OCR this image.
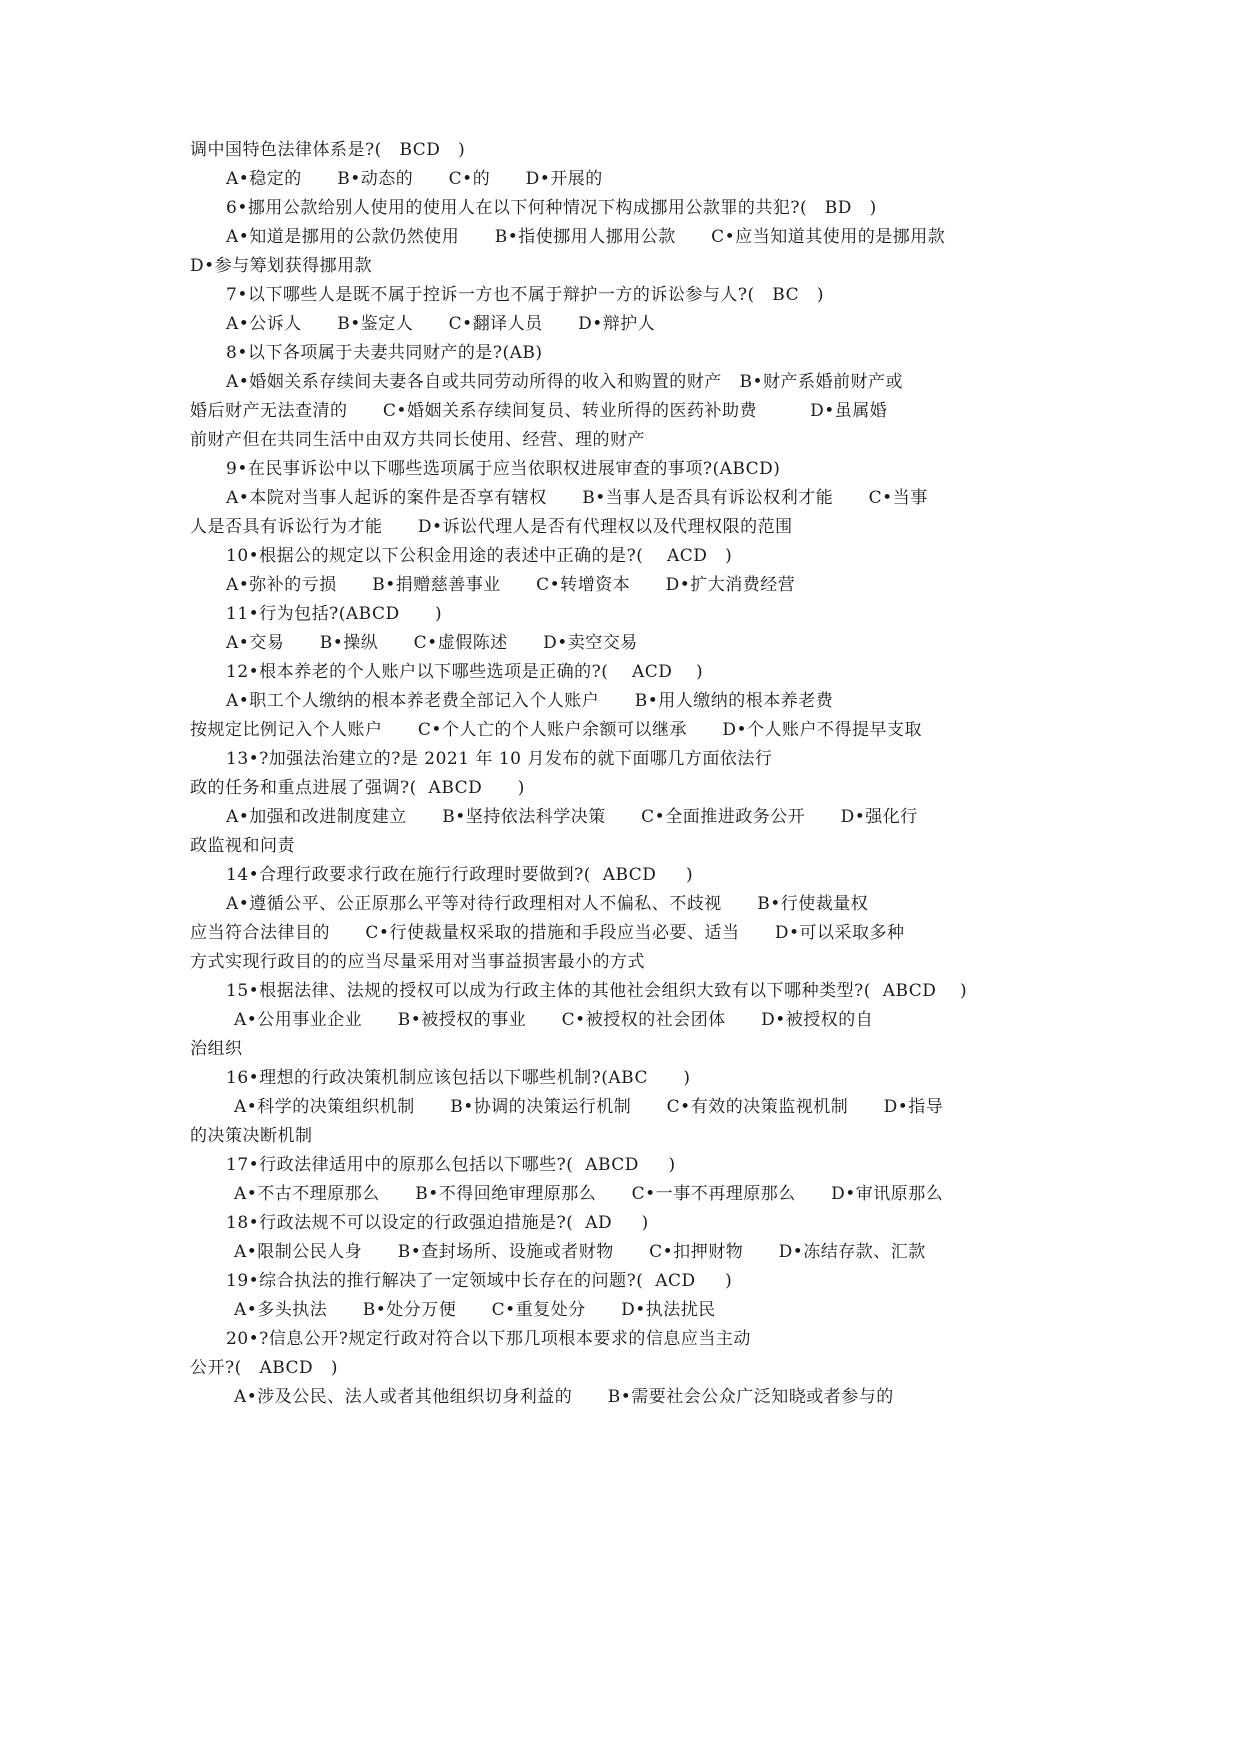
调中国特色法律体系是?(   BCD   )
A•稳定的      B•动态的      C•的      D•开展的
6•挪用公款给别人使用的使用人在以下何种情况下构成挪用公款罪的共犯?(   BD   )
A•知道是挪用的公款仍然使用      B•指使挪用人挪用公款      C•应当知道其使用的是挪用款
D•参与筹划获得挪用款
7•以下哪些人是既不属于控诉一方也不属于辩护一方的诉讼参与人?(   BC   )
A•公诉人      B•鉴定人      C•翻译人员      D•辩护人
8•以下各项属于夫妻共同财产的是?(AB)
A•婚姻关系存续间夫妻各自或共同劳动所得的收入和购置的财产   B•财产系婚前财产或
婚后财产无法查清的      C•婚姻关系存续间复员、转业所得的医药补助费         D•虽属婚
前财产但在共同生活中由双方共同长使用、经营、理的财产
9•在民事诉讼中以下哪些选项属于应当依职权进展审查的事项?(ABCD)
A•本院对当事人起诉的案件是否享有辖权      B•当事人是否具有诉讼权利才能      C•当事
人是否具有诉讼行为才能      D•诉讼代理人是否有代理权以及代理权限的范围
10•根据公的规定以下公积金用途的表述中正确的是?(    ACD   )
A•弥补的亏损      B•捐赠慈善事业      C•转增资本      D•扩大消费经营
11•行为包括?(ABCD      )
A•交易      B•操纵      C•虚假陈述      D•卖空交易
12•根本养老的个人账户以下哪些选项是正确的?(    ACD    )
A•职工个人缴纳的根本养老费全部记入个人账户      B•用人缴纳的根本养老费
按规定比例记入个人账户      C•个人亡的个人账户余额可以继承      D•个人账户不得提早支取
13•?加强法治建立的?是 2021 年 10 月发布的就下面哪几方面依法行
政的任务和重点进展了强调?(  ABCD      )
A•加强和改进制度建立      B•坚持依法科学决策      C•全面推进政务公开      D•强化行
政监视和问责
14•合理行政要求行政在施行行政理时要做到?(  ABCD     )
A•遵循公平、公正原那么平等对待行政理相对人不偏私、不歧视      B•行使裁量权
应当符合法律目的      C•行使裁量权采取的措施和手段应当必要、适当      D•可以采取多种
方式实现行政目的的应当尽量采用对当事益损害最小的方式
15•根据法律、法规的授权可以成为行政主体的其他社会组织大致有以下哪种类型?(  ABCD    )
A•公用事业企业      B•被授权的事业      C•被授权的社会团体      D•被授权的自
治组织
16•理想的行政决策机制应该包括以下哪些机制?(ABC      )
A•科学的决策组织机制      B•协调的决策运行机制      C•有效的决策监视机制      D•指导
的决策决断机制
17•行政法律适用中的原那么包括以下哪些?(  ABCD     )
A•不古不理原那么      B•不得回绝审理原那么      C•一事不再理原那么      D•审讯原那么
18•行政法规不可以设定的行政强迫措施是?(  AD     )
A•限制公民人身      B•查封场所、设施或者财物      C•扣押财物      D•冻结存款、汇款
19•综合执法的推行解决了一定领域中长存在的问题?(  ACD     )
A•多头执法      B•处分万便      C•重复处分      D•执法扰民
20•?信息公开?规定行政对符合以下那几项根本要求的信息应当主动
公开?(   ABCD   )
A•涉及公民、法人或者其他组织切身利益的      B•需要社会公众广泛知晓或者参与的
